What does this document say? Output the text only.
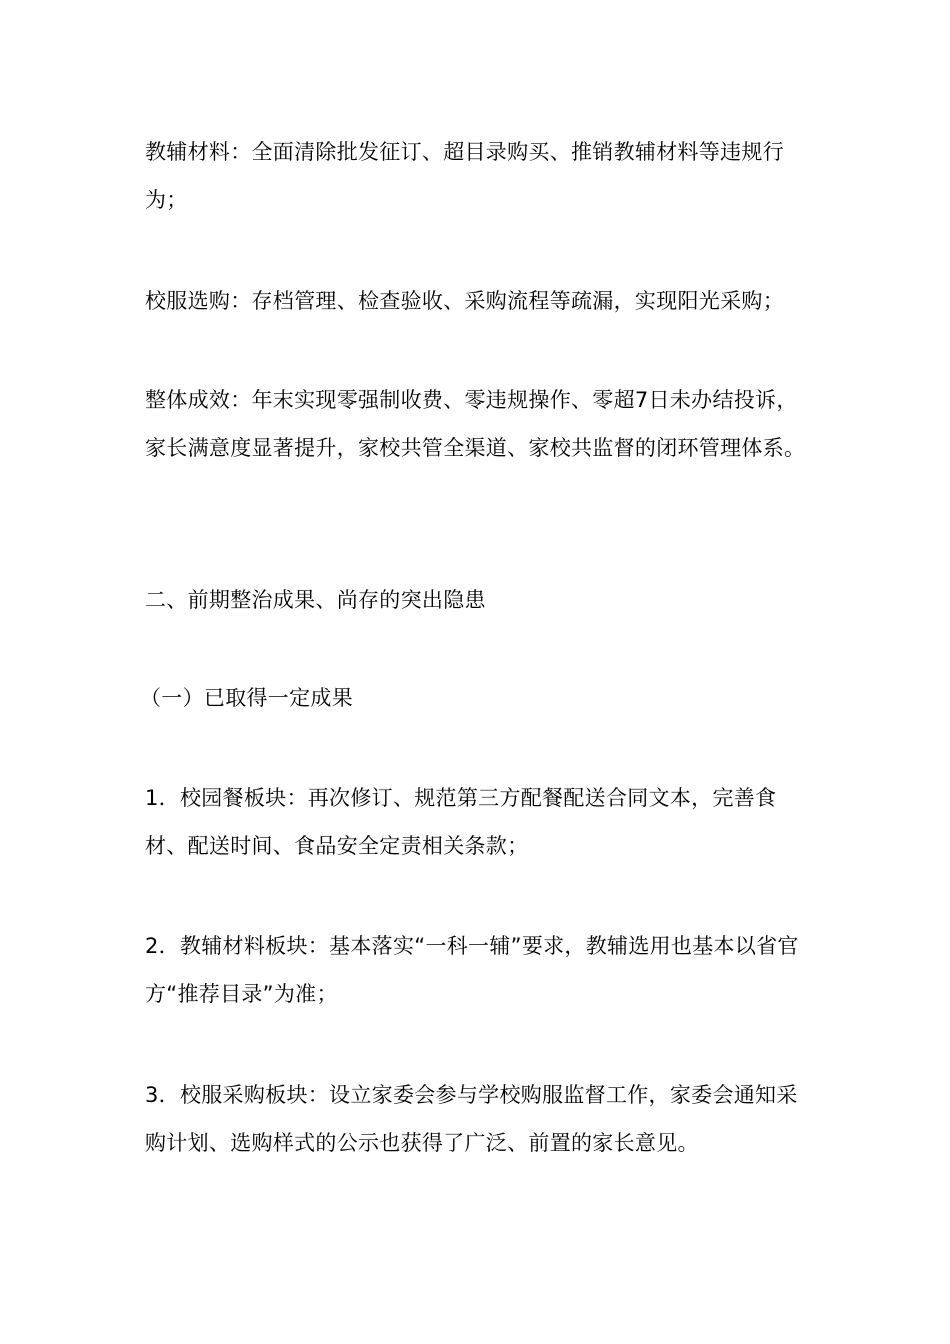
教辅材料：全面清除批发征订、超目录购买、推销教辅材料等违规行为；

校服选购：存档管理、检查验收、采购流程等疏漏，实现阳光采购；

整体成效：年末实现零强制收费、零违规操作、零超7日未办结投诉，家长满意度显著提升，家校共管全渠道、家校共监督的闭环管理体系。

二、前期整治成果、尚存的突出隐患

（一）已取得一定成果

1．校园餐板块：再次修订、规范第三方配餐配送合同文本，完善食材、配送时间、食品安全定责相关条款；

2．教辅材料板块：基本落实“一科一辅”要求，教辅选用也基本以省官方“推荐目录”为准；

3．校服采购板块：设立家委会参与学校购服监督工作，家委会通知采购计划、选购样式的公示也获得了广泛、前置的家长意见。
